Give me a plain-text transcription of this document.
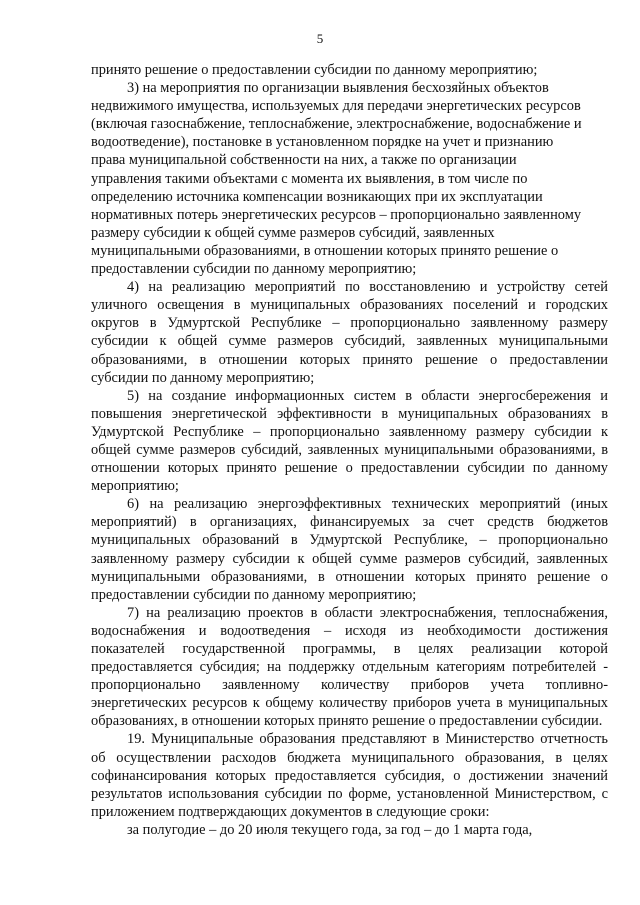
5

принято решение о предоставлении субсидии по данному мероприятию;

3) на мероприятия по организации выявления бесхозяйных объектов
недвижимого имущества, используемых для передачи энергетических ресурсов
(включая газоснабжение, теплоснабжение, электроснабжение, водоснабжение и
водоотведение), постановке в установленном порядке на учет и признанию
права муниципальной собственности на них, а также по организации
управления такими объектами с момента их выявления, в том числе по
определению источника компенсации возникающих при их эксплуатации
нормативных потерь энергетических ресурсов – пропорционально заявленному
размеру субсидии к общей сумме размеров субсидий, заявленных
муниципальными образованиями, в отношении которых принято решение о
предоставлении субсидии по данному мероприятию;

4) на реализацию мероприятий по восстановлению и устройству сетей уличного освещения в муниципальных образованиях поселений и городских округов в Удмуртской Республике – пропорционально заявленному размеру субсидии к общей сумме размеров субсидий, заявленных муниципальными образованиями, в отношении которых принято решение о предоставлении субсидии по данному мероприятию;

5) на создание информационных систем в области энергосбережения и повышения энергетической эффективности в муниципальных образованиях в Удмуртской Республике – пропорционально заявленному размеру субсидии к общей сумме размеров субсидий, заявленных муниципальными образованиями, в отношении которых принято решение о предоставлении субсидии по данному мероприятию;

6) на реализацию энергоэффективных технических мероприятий (иных мероприятий) в организациях, финансируемых за счет средств бюджетов муниципальных образований в Удмуртской Республике, – пропорционально заявленному размеру субсидии к общей сумме размеров субсидий, заявленных муниципальными образованиями, в отношении которых принято решение о предоставлении субсидии по данному мероприятию;

7) на реализацию проектов в области электроснабжения, теплоснабжения, водоснабжения и водоотведения – исходя из необходимости достижения показателей государственной программы, в целях реализации которой предоставляется субсидия; на поддержку отдельным категориям потребителей - пропорционально заявленному количеству приборов учета топливно-энергетических ресурсов к общему количеству приборов учета в муниципальных образованиях, в отношении которых принято решение о предоставлении субсидии.

19. Муниципальные образования представляют в Министерство отчетность об осуществлении расходов бюджета муниципального образования, в целях софинансирования которых предоставляется субсидия, о достижении значений результатов использования субсидии по форме, установленной Министерством, с приложением подтверждающих документов в следующие сроки:

за полугодие – до 20 июля текущего года, за год – до 1 марта года,
